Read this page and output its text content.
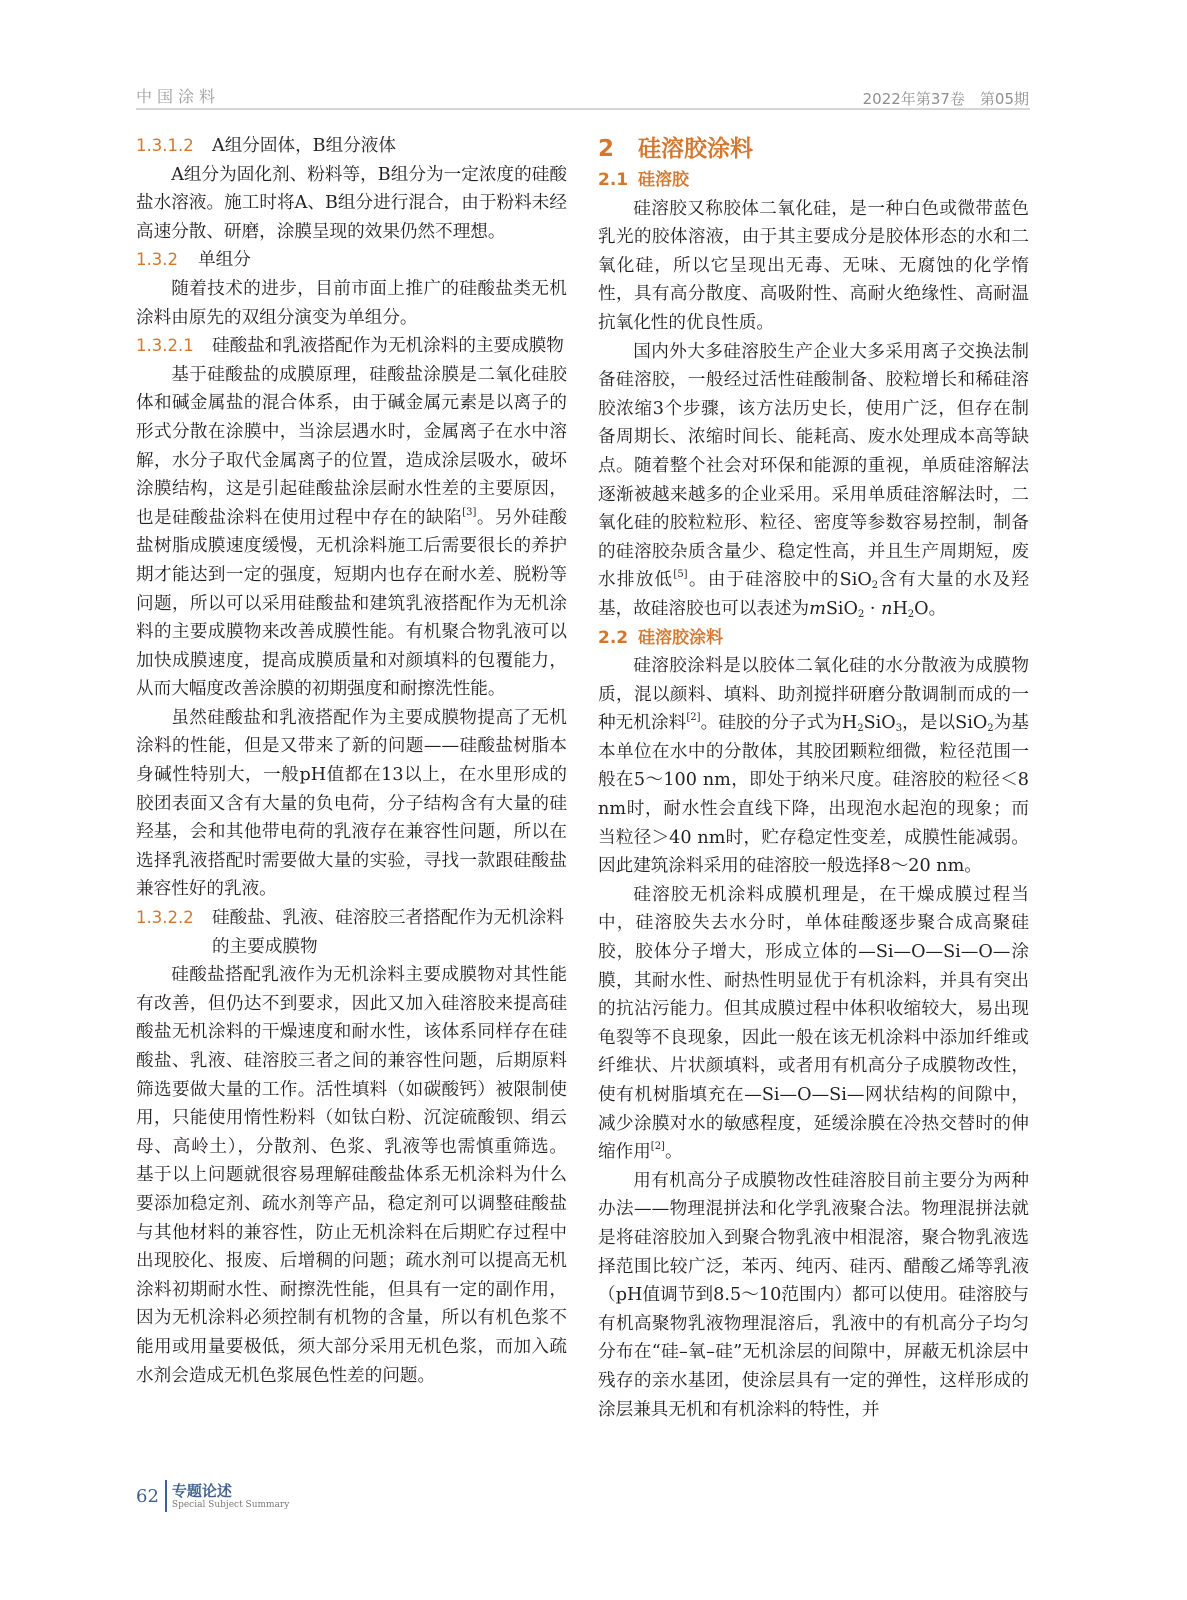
中国涂料	2022年第37卷　第05期
1.3.1.2	A组分固体，B组分液体

A组分为固化剂、粉料等，B组分为一定浓度的硅酸盐水溶液。施工时将A、B组分进行混合，由于粉料未经高速分散、研磨，涂膜呈现的效果仍然不理想。

1.3.2	单组分

随着技术的进步，目前市面上推广的硅酸盐类无机涂料由原先的双组分演变为单组分。

1.3.2.1	硅酸盐和乳液搭配作为无机涂料的主要成膜物

基于硅酸盐的成膜原理，硅酸盐涂膜是二氧化硅胶体和碱金属盐的混合体系，由于碱金属元素是以离子的形式分散在涂膜中，当涂层遇水时，金属离子在水中溶解，水分子取代金属离子的位置，造成涂层吸水，破坏涂膜结构，这是引起硅酸盐涂层耐水性差的主要原因，也是硅酸盐涂料在使用过程中存在的缺陷[3]。另外硅酸盐树脂成膜速度缓慢，无机涂料施工后需要很长的养护期才能达到一定的强度，短期内也存在耐水差、脱粉等问题，所以可以采用硅酸盐和建筑乳液搭配作为无机涂料的主要成膜物来改善成膜性能。有机聚合物乳液可以加快成膜速度，提高成膜质量和对颜填料的包覆能力，从而大幅度改善涂膜的初期强度和耐擦洗性能。

虽然硅酸盐和乳液搭配作为主要成膜物提高了无机涂料的性能，但是又带来了新的问题——硅酸盐树脂本身碱性特别大，一般pH值都在13以上，在水里形成的胶团表面又含有大量的负电荷，分子结构含有大量的硅羟基，会和其他带电荷的乳液存在兼容性问题，所以在选择乳液搭配时需要做大量的实验，寻找一款跟硅酸盐兼容性好的乳液。

1.3.2.2	硅酸盐、乳液、硅溶胶三者搭配作为无机涂料的主要成膜物

硅酸盐搭配乳液作为无机涂料主要成膜物对其性能有改善，但仍达不到要求，因此又加入硅溶胶来提高硅酸盐无机涂料的干燥速度和耐水性，该体系同样存在硅酸盐、乳液、硅溶胶三者之间的兼容性问题，后期原料筛选要做大量的工作。活性填料（如碳酸钙）被限制使用，只能使用惰性粉料（如钛白粉、沉淀硫酸钡、绢云母、高岭土），分散剂、色浆、乳液等也需慎重筛选。基于以上问题就很容易理解硅酸盐体系无机涂料为什么要添加稳定剂、疏水剂等产品，稳定剂可以调整硅酸盐与其他材料的兼容性，防止无机涂料在后期贮存过程中出现胶化、报废、后增稠的问题；疏水剂可以提高无机涂料初期耐水性、耐擦洗性能，但具有一定的副作用，因为无机涂料必须控制有机物的含量，所以有机色浆不能用或用量要极低，须大部分采用无机色浆，而加入疏水剂会造成无机色浆展色性差的问题。

2 硅溶胶涂料
2.1 硅溶胶

硅溶胶又称胶体二氧化硅，是一种白色或微带蓝色乳光的胶体溶液，由于其主要成分是胶体形态的水和二氧化硅，所以它呈现出无毒、无味、无腐蚀的化学惰性，具有高分散度、高吸附性、高耐火绝缘性、高耐温抗氧化性的优良性质。

国内外大多硅溶胶生产企业大多采用离子交换法制备硅溶胶，一般经过活性硅酸制备、胶粒增长和稀硅溶胶浓缩3个步骤，该方法历史长，使用广泛，但存在制备周期长、浓缩时间长、能耗高、废水处理成本高等缺点。随着整个社会对环保和能源的重视，单质硅溶解法逐渐被越来越多的企业采用。采用单质硅溶解法时，二氧化硅的胶粒粒形、粒径、密度等参数容易控制，制备的硅溶胶杂质含量少、稳定性高，并且生产周期短，废水排放低[5]。由于硅溶胶中的SiO$_2$含有大量的水及羟基，故硅溶胶也可以表述为mSiO$_2$ · $nH_2O$。

2.2 硅溶胶涂料

硅溶胶涂料是以胶体二氧化硅的水分散液为成膜物质，混以颜料、填料、助剂搅拌研磨分散调制而成的一种无机涂料[2]。硅胶的分子式为$H_2SiO_3$，是以SiO$_2$为基本单位在水中的分散体，其胶团颗粒细微，粒径范围一般在5～100 nm，即处于纳米尺度。硅溶胶的粒径＜8 nm时，耐水性会直线下降，出现泡水起泡的现象；而当粒径＞40 nm时，贮存稳定性变差，成膜性能减弱。因此建筑涂料采用的硅溶胶一般选择8～20 nm。

硅溶胶无机涂料成膜机理是，在干燥成膜过程当中，硅溶胶失去水分时，单体硅酸逐步聚合成高聚硅胶，胶体分子增大，形成立体的—Si—O—Si—O—涂膜，其耐水性、耐热性明显优于有机涂料，并具有突出的抗沾污能力。但其成膜过程中体积收缩较大，易出现龟裂等不良现象，因此一般在该无机涂料中添加纤维或纤维状、片状颜填料，或者用有机高分子成膜物改性，使有机树脂填充在—Si—O—Si—网状结构的间隙中，减少涂膜对水的敏感程度，延缓涂膜在冷热交替时的伸缩作用[2]。

用有机高分子成膜物改性硅溶胶目前主要分为两种办法——物理混拼法和化学乳液聚合法。物理混拼法就是将硅溶胶加入到聚合物乳液中相混溶，聚合物乳液选择范围比较广泛，苯丙、纯丙、硅丙、醋酸乙烯等乳液（pH值调节到8.5～10范围内）都可以使用。硅溶胶与有机高聚物乳液物理混溶后，乳液中的有机高分子均匀分布在“硅–氧–硅”无机涂层的间隙中，屏蔽无机涂层中残存的亲水基团，使涂层具有一定的弹性，这样形成的涂层兼具无机和有机涂料的特性，并

62 专题论述
Special Subject Summary
